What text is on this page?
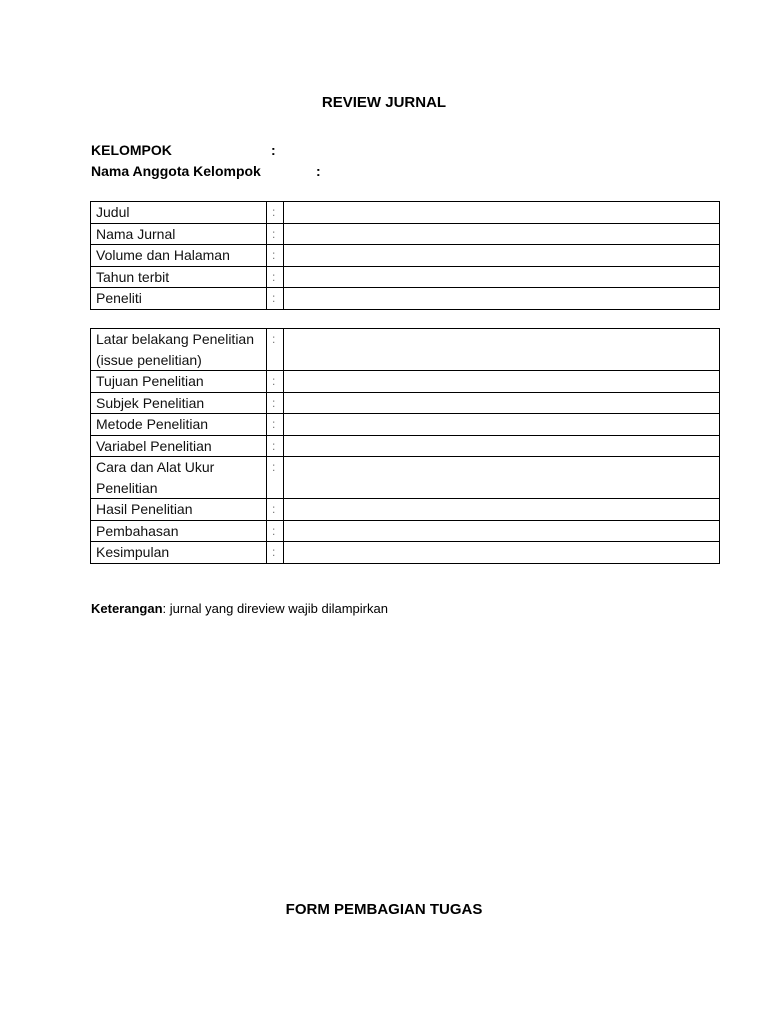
REVIEW JURNAL
KELOMPOK	:
Nama Anggota Kelompok	:
Judul	:	
Nama Jurnal	:	
Volume dan Halaman	:	
Tahun terbit	:	
Peneliti	:	
Latar belakang Penelitian (issue penelitian)	:	
Tujuan Penelitian	:	
Subjek Penelitian	:	
Metode Penelitian	:	
Variabel Penelitian	:	
Cara dan Alat Ukur Penelitian	:	
Hasil Penelitian	:	
Pembahasan	:	
Kesimpulan	:	
Keterangan: jurnal yang direview wajib dilampirkan
FORM PEMBAGIAN TUGAS
